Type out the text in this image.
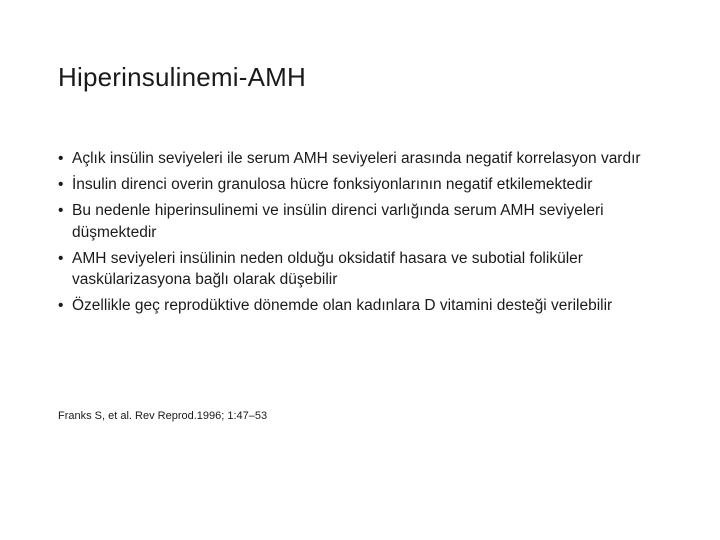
Hiperinsulinemi-AMH
• Açlık insülin seviyeleri ile serum AMH seviyeleri arasında negatif korrelasyon vardır
• İnsulin direnci overin granulosa hücre fonksiyonlarının negatif etkilemektedir
• Bu nedenle hiperinsulinemi ve insülin direnci varlığında serum AMH seviyeleri düşmektedir
• AMH seviyeleri insülinin neden olduğu oksidatif hasara ve subotial foliküler vaskülarizasyona bağlı olarak düşebilir
• Özellikle geç reprodüktive dönemde olan kadınlara D vitamini desteği verilebilir
Franks S, et al. Rev Reprod.1996; 1:47–53
